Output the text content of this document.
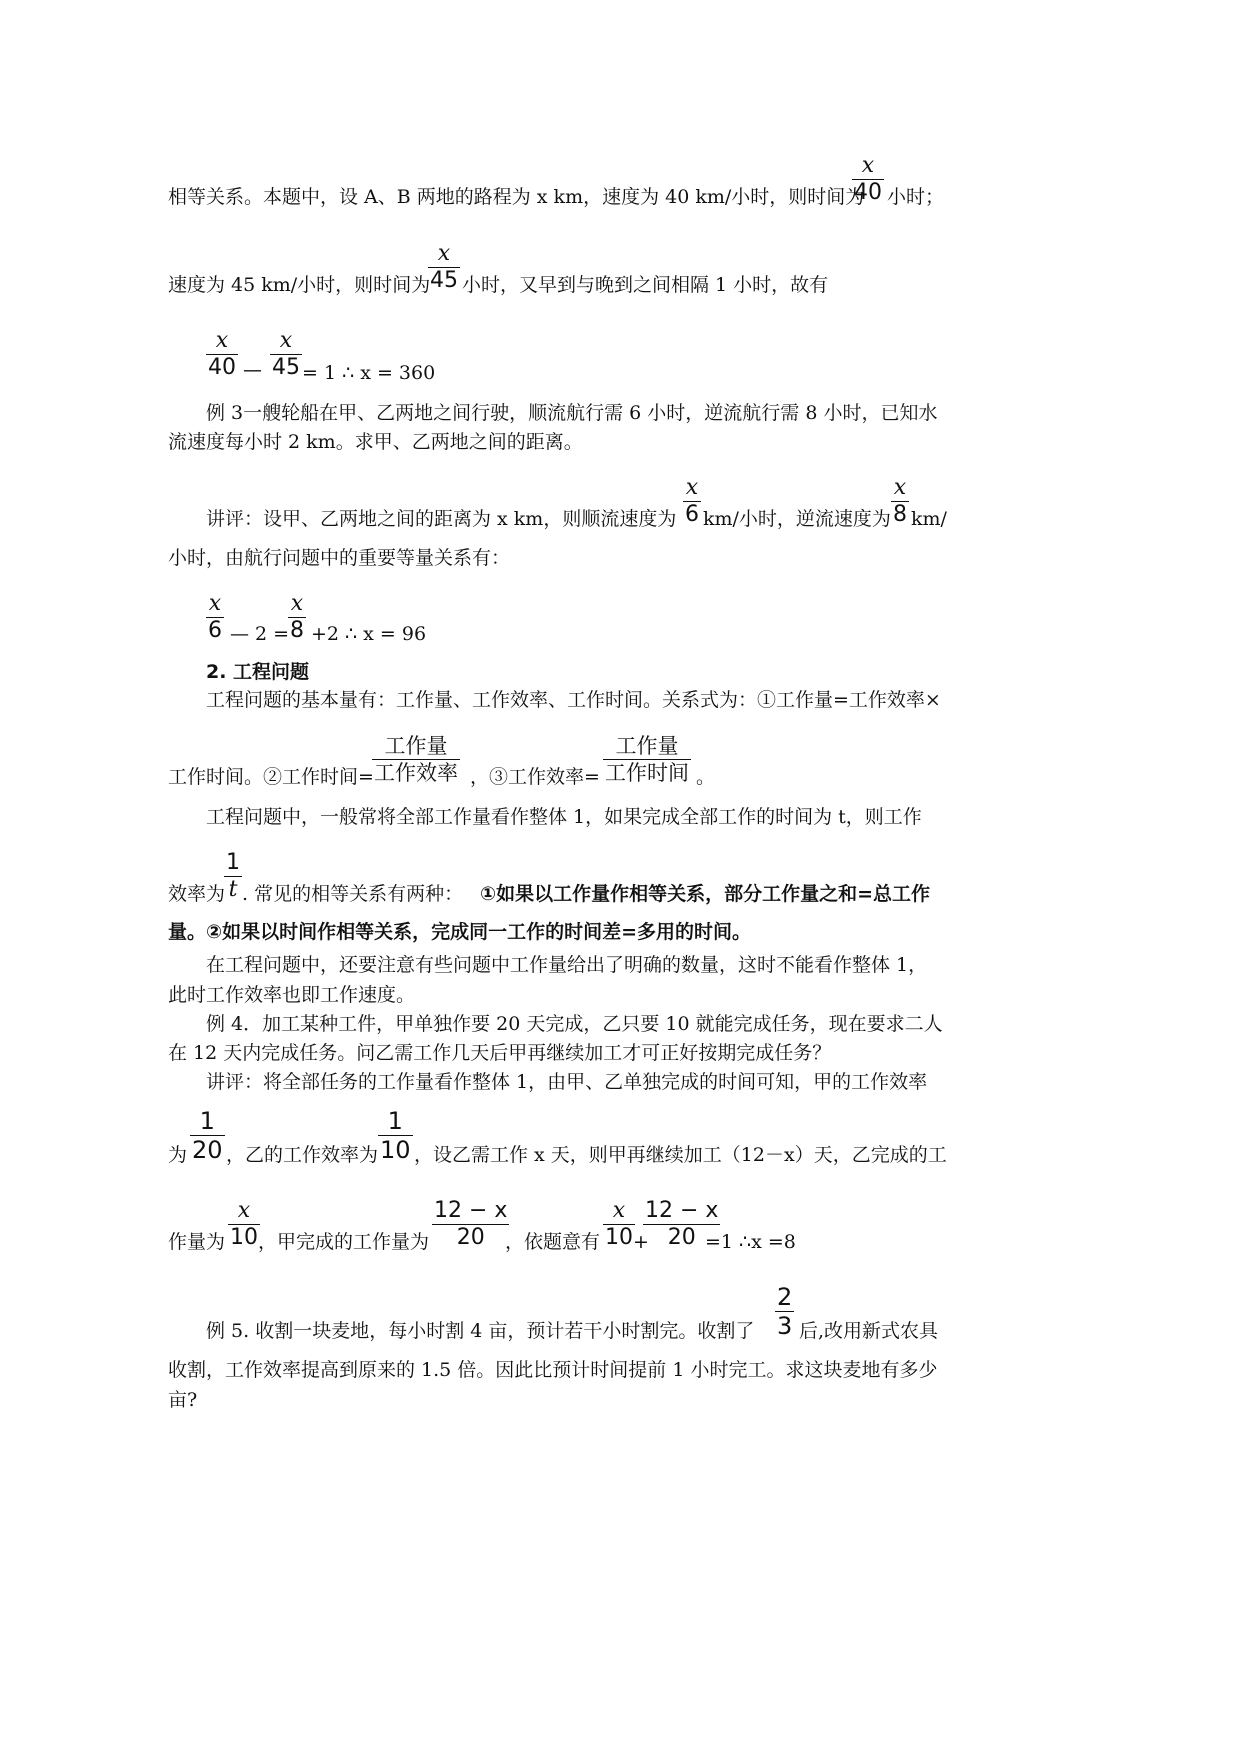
相等关系。本题中，设 A、B 两地的路程为 x km，速度为 40 km/小时，则时间为
x
40 小时；
速度为 45 km/小时，则时间为
x
45 小时，又早到与晚到之间相隔 1 小时，故有
x
40 —
x
45 = 1 ∴ x = 360
例 3一艘轮船在甲、乙两地之间行驶，顺流航行需 6 小时，逆流航行需 8 小时，已知水
流速度每小时 2 km。求甲、乙两地之间的距离。
讲评：设甲、乙两地之间的距离为 x km，则顺流速度为
x
6 km/小时，逆流速度为
x
8 km/
小时，由航行问题中的重要等量关系有：
x
6 — 2 =
x
8 +2 ∴ x = 96
2. 工程问题
工程问题的基本量有：工作量、工作效率、工作时间。关系式为：①工作量=工作效率×
工作时间。②工作时间=
工作量
工作效率 ，③工作效率=
工作量
工作时间 。
工程问题中，一般常将全部工作量看作整体 1，如果完成全部工作的时间为 t，则工作
效率为
1
t . 常见的相等关系有两种： ①如果以工作量作相等关系，部分工作量之和=总工作
量。②如果以时间作相等关系，完成同一工作的时间差=多用的时间。
在工程问题中，还要注意有些问题中工作量给出了明确的数量，这时不能看作整体 1，
此时工作效率也即工作速度。
例 4．加工某种工件，甲单独作要 20 天完成，乙只要 10 就能完成任务，现在要求二人
在 12 天内完成任务。问乙需工作几天后甲再继续加工才可正好按期完成任务？
讲评：将全部任务的工作量看作整体 1，由甲、乙单独完成的时间可知，甲的工作效率
为
1
20 ，乙的工作效率为
1
10 ，设乙需工作 x 天，则甲再继续加工（12－x）天，乙完成的工
作量为
x
10 ，甲完成的工作量为
12 − x
20 ，依题意有
x
10 +
12 − x
20 =1 ∴x =8
例 5. 收割一块麦地，每小时割 4 亩，预计若干小时割完。收割了
2
3 后,改用新式农具
收割，工作效率提高到原来的 1.5 倍。因此比预计时间提前 1 小时完工。求这块麦地有多少
亩?
